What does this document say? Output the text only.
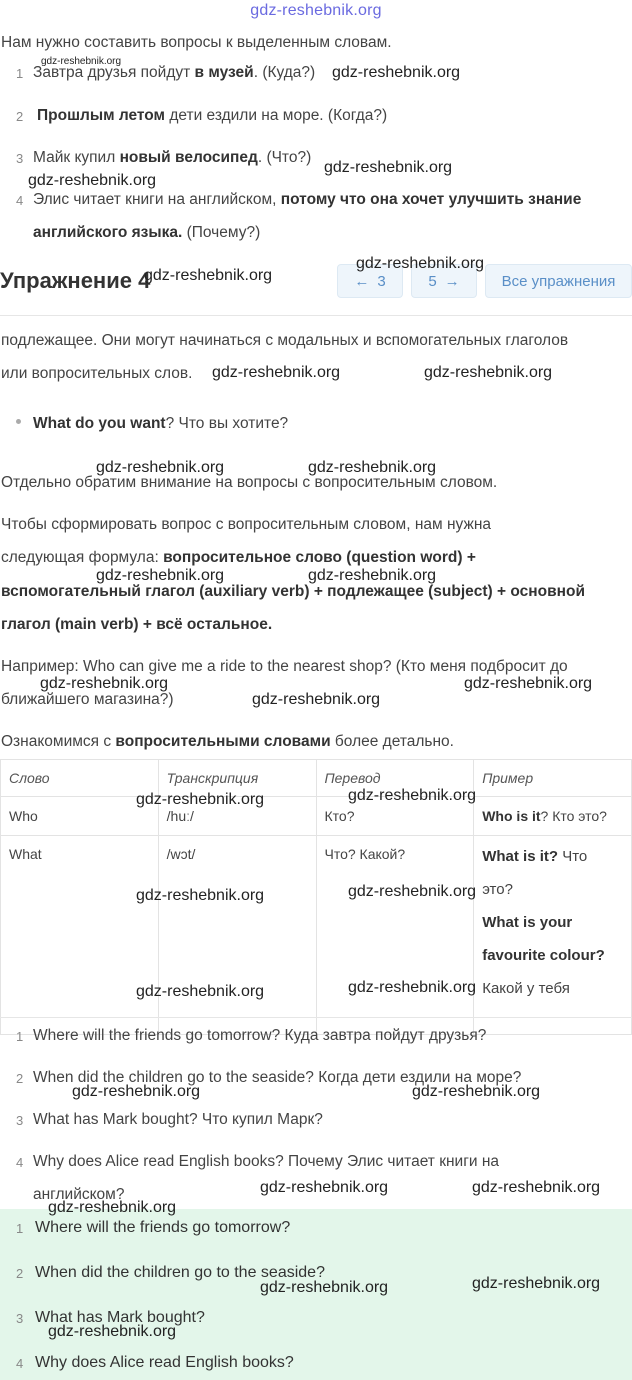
gdz-reshebnik.org
Нам нужно составить вопросы к выделенным словам.
1 Завтра друзья пойдут в музей. (Куда?)
2 Прошлым летом дети ездили на море. (Когда?)
3 Майк купил новый велосипед. (Что?)
4 Элис читает книги на английском, потому что она хочет улучшить знание
английского языка. (Почему?)
Упражнение 4	← 3	5 →	Все упражнения
подлежащее. Они могут начинаться с модальных и вспомогательных глаголов
или вопросительных слов.
What do you want? Что вы хотите?
Отдельно обратим внимание на вопросы с вопросительным словом.
Чтобы сформировать вопрос с вопросительным словом, нам нужна
следующая формула: вопросительное слово (question word) +
вспомогательный глагол (auxiliary verb) + подлежащее (subject) + основной
глагол (main verb) + всё остальное.
Например: Who can give me a ride to the nearest shop? (Кто меня подбросит до
ближайшего магазина?)
Ознакомимся с вопросительными словами более детально.
Слово	Транскрипция	Перевод	Пример
Who	/huː/	Кто?	Who is it? Кто это?
What	/wɔt/	Что? Какой?	What is it? Что
это?
What is your
favourite colour?
Какой у тебя
1 Where will the friends go tomorrow? Куда завтра пойдут друзья?
2 When did the children go to the seaside? Когда дети ездили на море?
3 What has Mark bought? Что купил Марк?
4 Why does Alice read English books? Почему Элис читает книги на
английском?
1 Where will the friends go tomorrow?
2 When did the children go to the seaside?
3 What has Mark bought?
4 Why does Alice read English books?
gdz-reshebnik.org
gdz-reshebnik.org
gdz-reshebnik.org
gdz-reshebnik.org
gdz-reshebnik.org
gdz-reshebnik.org
gdz-reshebnik.org	gdz-reshebnik.org
gdz-reshebnik.org	gdz-reshebnik.org
gdz-reshebnik.org	gdz-reshebnik.org
gdz-reshebnik.org	gdz-reshebnik.org
gdz-reshebnik.org
gdz-reshebnik.org	gdz-reshebnik.org
gdz-reshebnik.org	gdz-reshebnik.org
gdz-reshebnik.org	gdz-reshebnik.org
gdz-reshebnik.org	gdz-reshebnik.org
gdz-reshebnik.org	gdz-reshebnik.org
gdz-reshebnik.org
gdz-reshebnik.org	gdz-reshebnik.org
gdz-reshebnik.org
